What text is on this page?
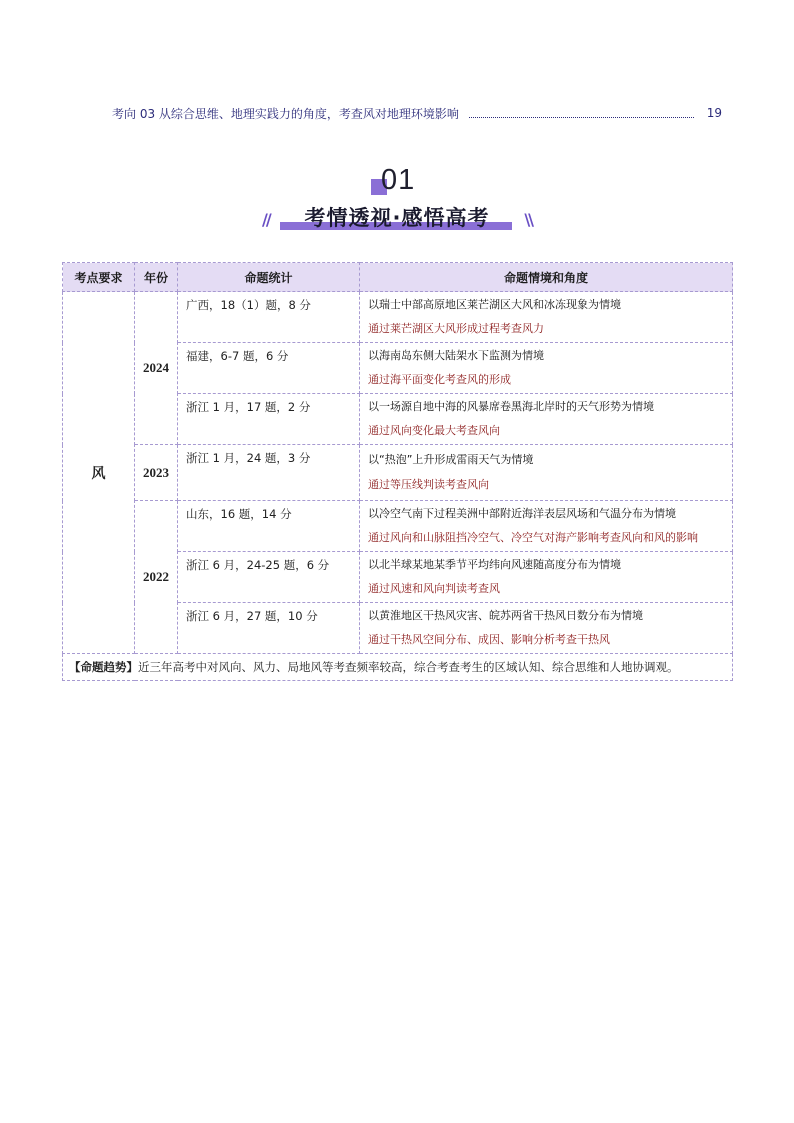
考向 03 从综合思维、地理实践力的角度，考查风对地理环境影响	19
01
//	\\
考情透视·感悟高考
考点要求	年份	命题统计	命题情境和角度
风	2024	广西，18（1）题，8 分	以瑞士中部高原地区莱芒湖区大风和冰冻现象为情境
通过莱芒湖区大风形成过程考查风力

		福建，6-7 题，6 分	以海南岛东侧大陆架水下监测为情境
通过海平面变化考查风的形成

		浙江 1 月，17 题，2 分	以一场源自地中海的风暴席卷黑海北岸时的天气形势为情境
通过风向变化最大考查风向

	2023	浙江 1 月，24 题，3 分	以“热泡”上升形成雷雨天气为情境
通过等压线判读考查风向

	2022	山东，16 题，14 分	以冷空气南下过程美洲中部附近海洋表层风场和气温分布为情境
通过风向和山脉阻挡冷空气、冷空气对海产影响考查风向和风的影响

		浙江 6 月，24-25 题，6 分	以北半球某地某季节平均纬向风速随高度分布为情境
通过风速和风向判读考查风

		浙江 6 月，27 题，10 分	以黄淮地区干热风灾害、皖苏两省干热风日数分布为情境
通过干热风空间分布、成因、影响分析考查干热风

【命题趋势】近三年高考中对风向、风力、局地风等考查频率较高，综合考查考生的区域认知、综合思维和人地协调观。			
